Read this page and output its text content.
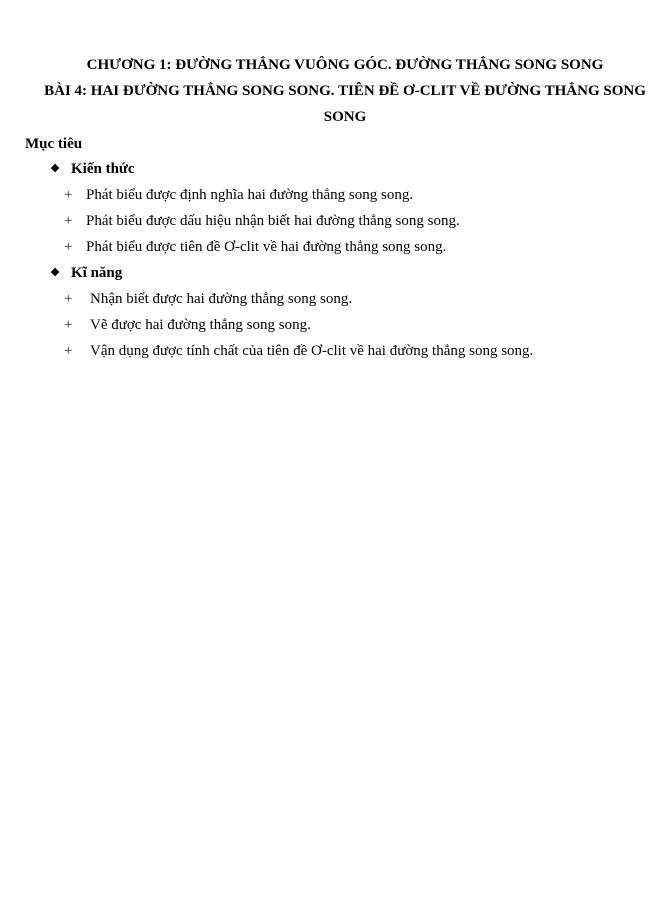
CHƯƠNG 1: ĐƯỜNG THẲNG VUÔNG GÓC. ĐƯỜNG THẲNG SONG SONG
BÀI 4: HAI ĐƯỜNG THẲNG SONG SONG. TIÊN ĐỀ Ơ-CLIT VỀ ĐƯỜNG THẲNG SONG
SONG
Mục tiêu
❖ Kiến thức
+ Phát biểu được định nghĩa hai đường thẳng song song.
+ Phát biểu được dấu hiệu nhận biết hai đường thẳng song song.
+ Phát biểu được tiên đề Ơ-clit về hai đường thẳng song song.
❖ Kĩ năng
+	Nhận biết được hai đường thẳng song song.
+	Vẽ được hai đường thẳng song song.
+	Vận dụng được tính chất của tiên đề Ơ-clit về hai đường thẳng song song.
